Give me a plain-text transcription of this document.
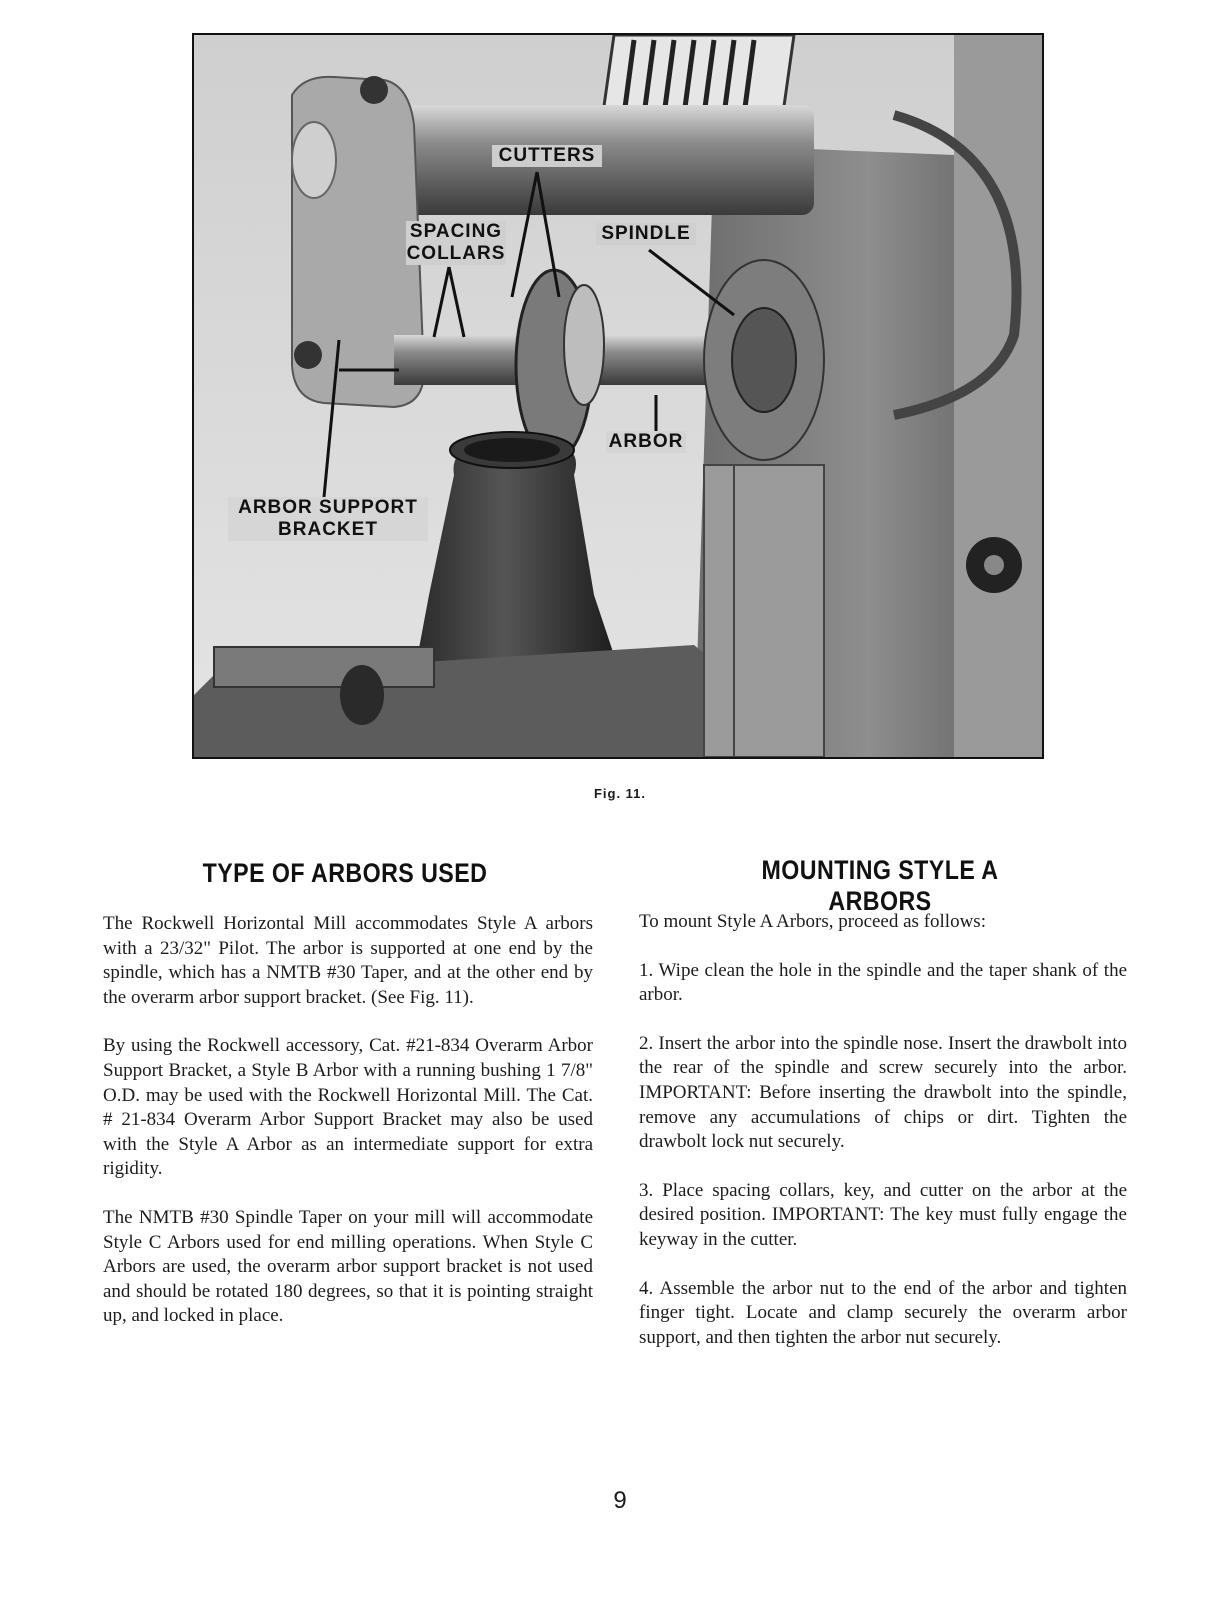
CUTTERS
SPACING
COLLARS
SPINDLE
ARBOR
ARBOR SUPPORT
BRACKET
Fig. 11.
TYPE OF ARBORS USED

The Rockwell Horizontal Mill accommodates Style A arbors with a 23/32" Pilot. The arbor is supported at one end by the spindle, which has a NMTB #30 Taper, and at the other end by the overarm arbor support bracket. (See Fig. 11).

By using the Rockwell accessory, Cat. #21-834 Overarm Arbor Support Bracket, a Style B Arbor with a running bushing 1 7/8" O.D. may be used with the Rockwell Horizontal Mill. The Cat. # 21-834 Overarm Arbor Support Bracket may also be used with the Style A Arbor as an intermediate support for extra rigidity.

The NMTB #30 Spindle Taper on your mill will accommodate Style C Arbors used for end milling operations. When Style C Arbors are used, the overarm arbor support bracket is not used and should be rotated 180 degrees, so that it is pointing straight up, and locked in place.

MOUNTING STYLE A ARBORS

To mount Style A Arbors, proceed as follows:

1. Wipe clean the hole in the spindle and the taper shank of the arbor.

2. Insert the arbor into the spindle nose. Insert the drawbolt into the rear of the spindle and screw securely into the arbor. IMPORTANT: Before inserting the drawbolt into the spindle, remove any accumulations of chips or dirt. Tighten the drawbolt lock nut securely.

3. Place spacing collars, key, and cutter on the arbor at the desired position. IMPORTANT: The key must fully engage the keyway in the cutter.

4. Assemble the arbor nut to the end of the arbor and tighten finger tight. Locate and clamp securely the overarm arbor support, and then tighten the arbor nut securely.

9
